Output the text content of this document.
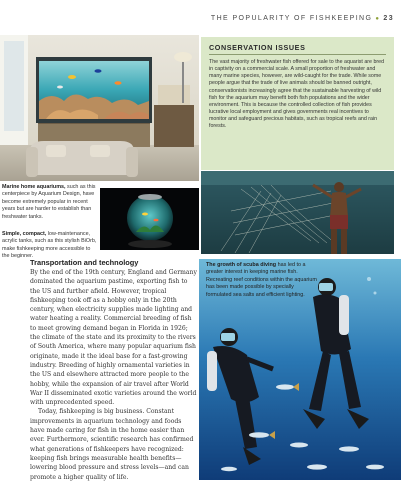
THE POPULARITY OF FISHKEEPING ● 23
Marine home aquariums, such as this centerpiece by Aquarium Design, have become extremely popular in recent years but are harder to establish than freshwater tanks.
Simple, compact, low-maintenance, acrylic tanks, such as this stylish BiOrb, make fishkeeping more accessible to the beginner.
CONSERVATION ISSUES
The vast majority of freshwater fish offered for sale to the aquarist are bred in captivity on a commercial scale. A small proportion of freshwater and many marine species, however, are wild-caught for the trade. While some people argue that the trade of live animals should be banned outright, conservationists increasingly agree that the sustainable harvesting of wild fish for the aquarium may benefit both fish populations and the wider environment. This is because the controlled collection of fish provides lucrative local employment and gives governments real incentives to monitor and safeguard precious habitats, such as tropical reefs and rain forests.
Transportation and technology

By the end of the 19th century, England and Germany dominated the aquarium pastime, exporting fish to the US and further afield. However, tropical fishkeeping took off as a hobby only in the 20th century, when electricity supplies made lighting and water heating a reality. Commercial breeding of fish to meet growing demand began in Florida in 1926; the climate of the state and its proximity to the rivers of South America, where many popular aquarium fish originate, made it the ideal base for a fast-growing industry. Breeding of highly ornamental varieties in the US and elsewhere attracted more people to the hobby, while the expansion of air travel after World War II disseminated exotic varieties around the world with unprecedented speed.

Today, fishkeeping is big business. Constant improvements in aquarium technology and foods have made caring for fish in the home easier than ever. Furthermore, scientific research has confirmed what generations of fishkeepers have recognized: keeping fish brings measurable health benefits—lowering blood pressure and stress levels—and can promote a higher quality of life.

The growth of scuba diving has led to a greater interest in keeping marine fish. Recreating reef conditions within the aquarium has been made possible by specially formulated sea salts and efficient lighting.
